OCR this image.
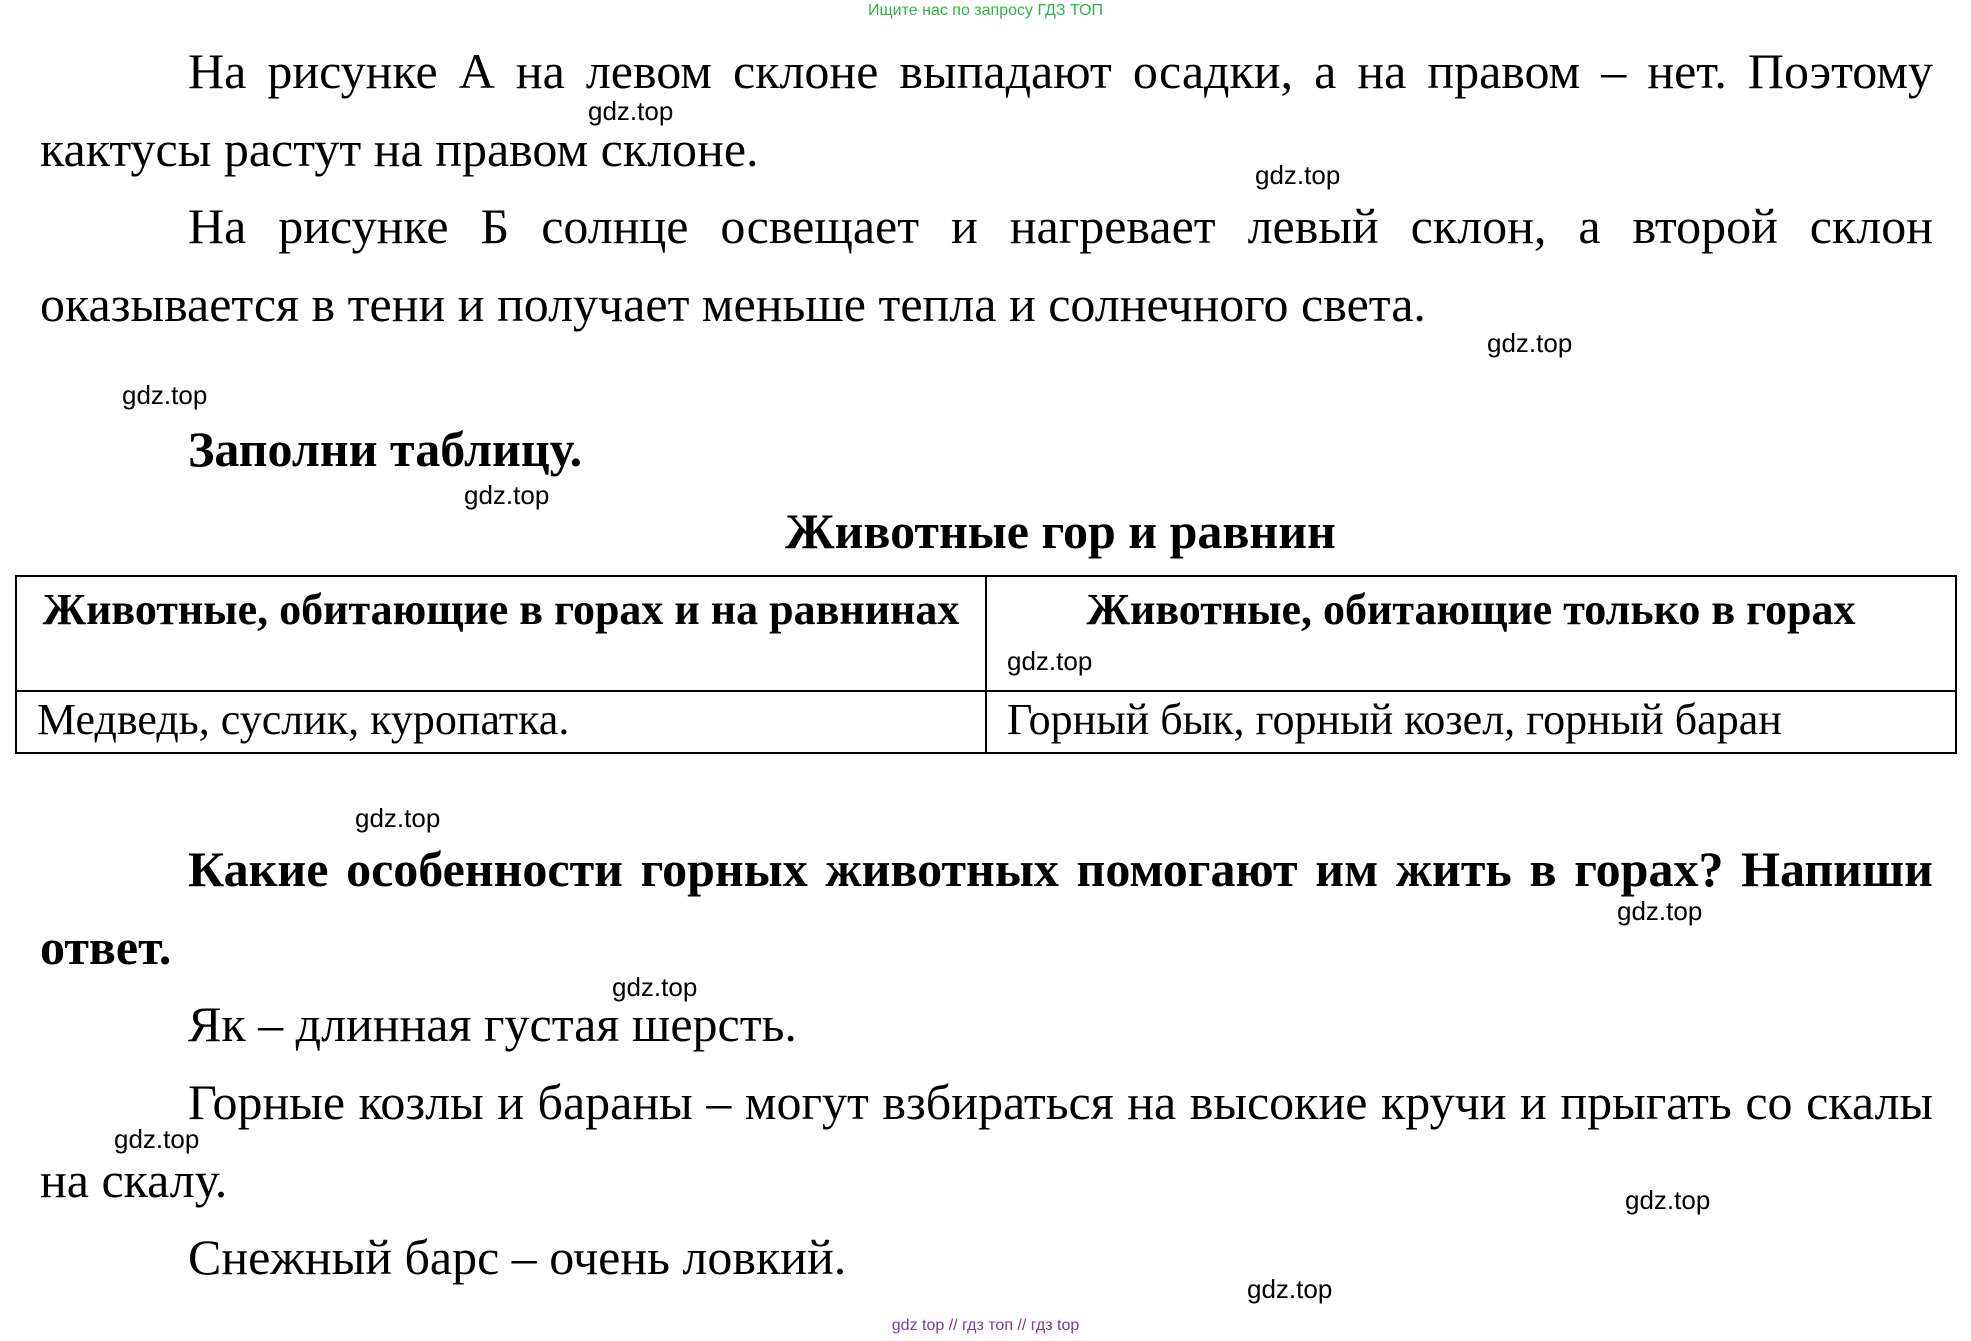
Ищите нас по запросу ГДЗ ТОП

На рисунке А на левом склоне выпадают осадки, а на правом – нет. Поэтому кактусы растут на правом склоне.

На рисунке Б солнце освещает и нагревает левый склон, а второй склон оказывается в тени и получает меньше тепла и солнечного света.

Заполни таблицу.
Животные гор и равнин
Животные, обитающие в горах и на равнинах	Животные, обитающие только в горах
Медведь, суслик, куропатка.	Горный бык, горный козел, горный баран

Какие особенности горных животных помогают им жить в горах? Напиши ответ.

Як – длинная густая шерсть.

Горные козлы и бараны – могут взбираться на высокие кручи и прыгать со скалы на скалу.

Снежный барс – очень ловкий.

gdz.top
gdz.top
gdz.top
gdz.top
gdz.top
gdz.top
gdz.top
gdz.top
gdz.top
gdz.top
gdz.top
gdz.top
gdz top // гдз топ // гдз top
